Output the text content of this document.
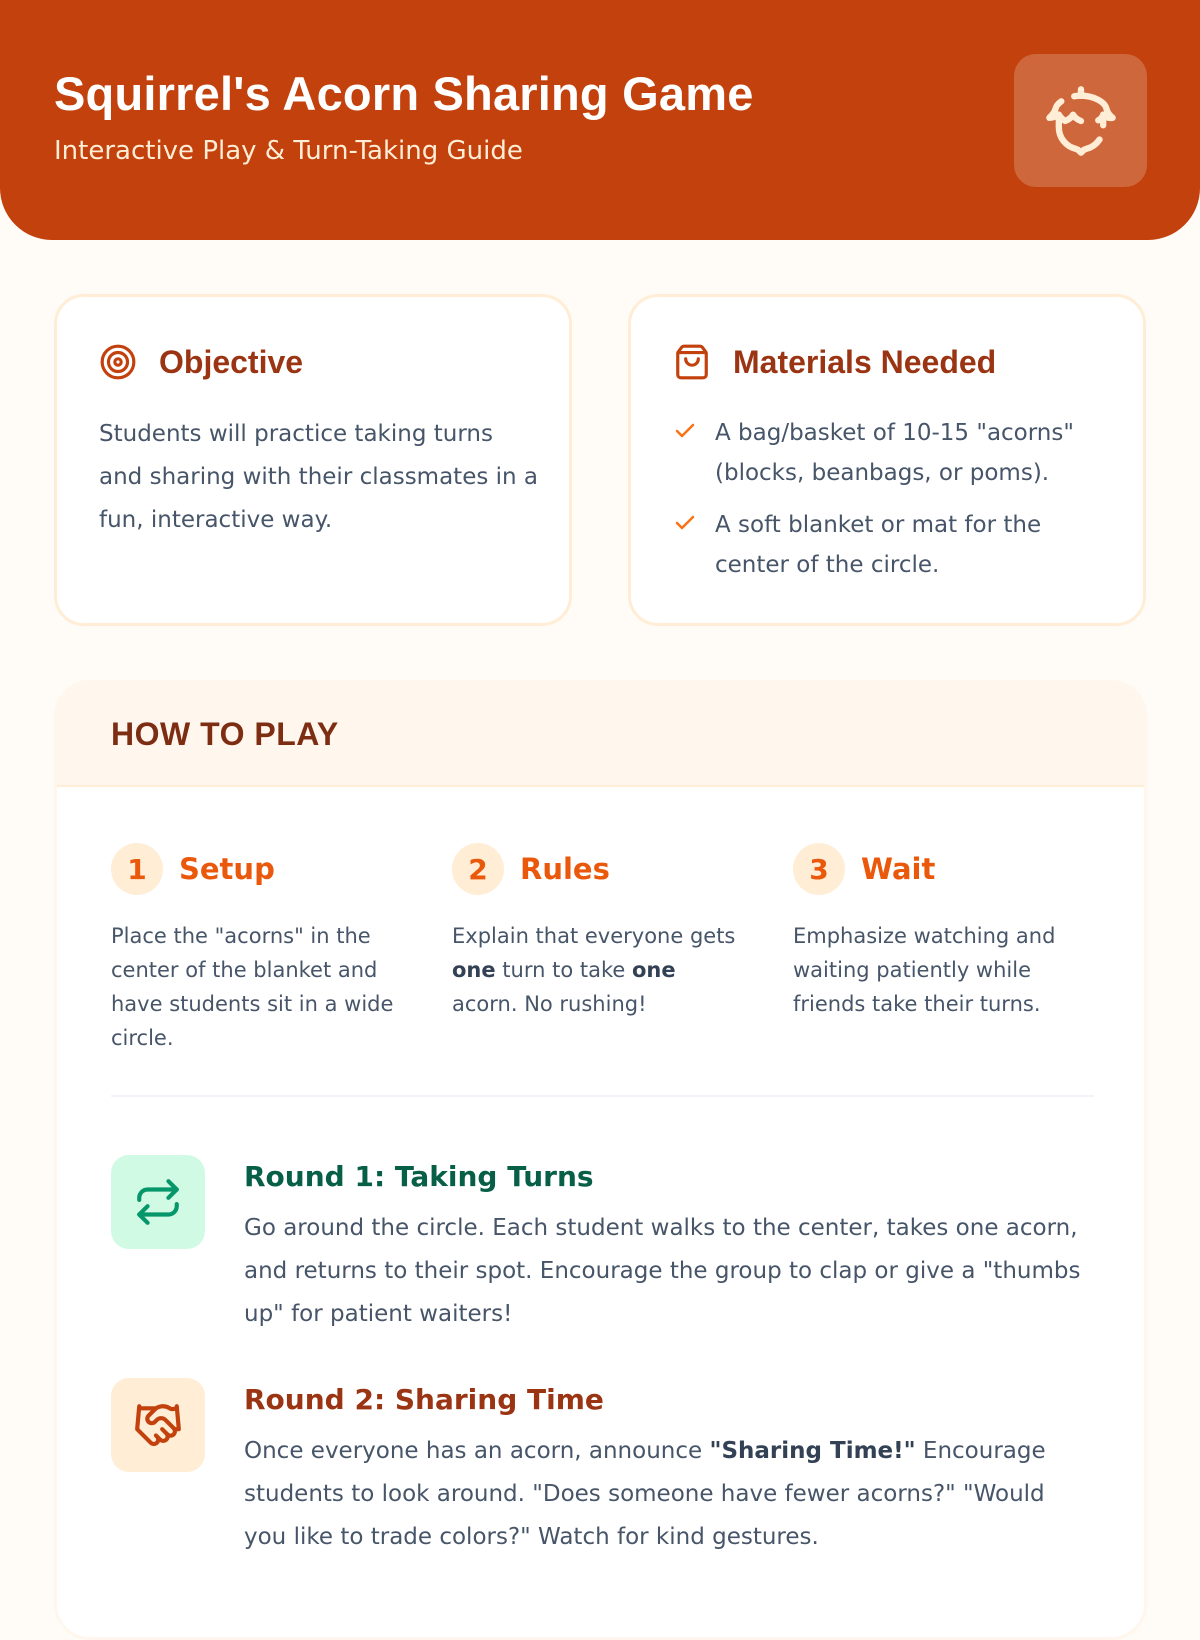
Squirrel's Acorn Sharing Game
Interactive Play & Turn-Taking Guide
Objective

Students will practice taking turns and sharing with their classmates in a fun, interactive way.

Materials Needed
A bag/basket of 10-15 "acorns" (blocks, beanbags, or poms).
A soft blanket or mat for the center of the circle.
HOW TO PLAY
1	Setup

Place the "acorns" in the center of the blanket and have students sit in a wide circle.

2	Rules

Explain that everyone gets one turn to take one acorn. No rushing!

3	Wait

Emphasize watching and waiting patiently while friends take their turns.

Round 1: Taking Turns

Go around the circle. Each student walks to the center, takes one acorn, and returns to their spot. Encourage the group to clap or give a "thumbs up" for patient waiters!

Round 2: Sharing Time

Once everyone has an acorn, announce "Sharing Time!" Encourage students to look around. "Does someone have fewer acorns?" "Would you like to trade colors?" Watch for kind gestures.
